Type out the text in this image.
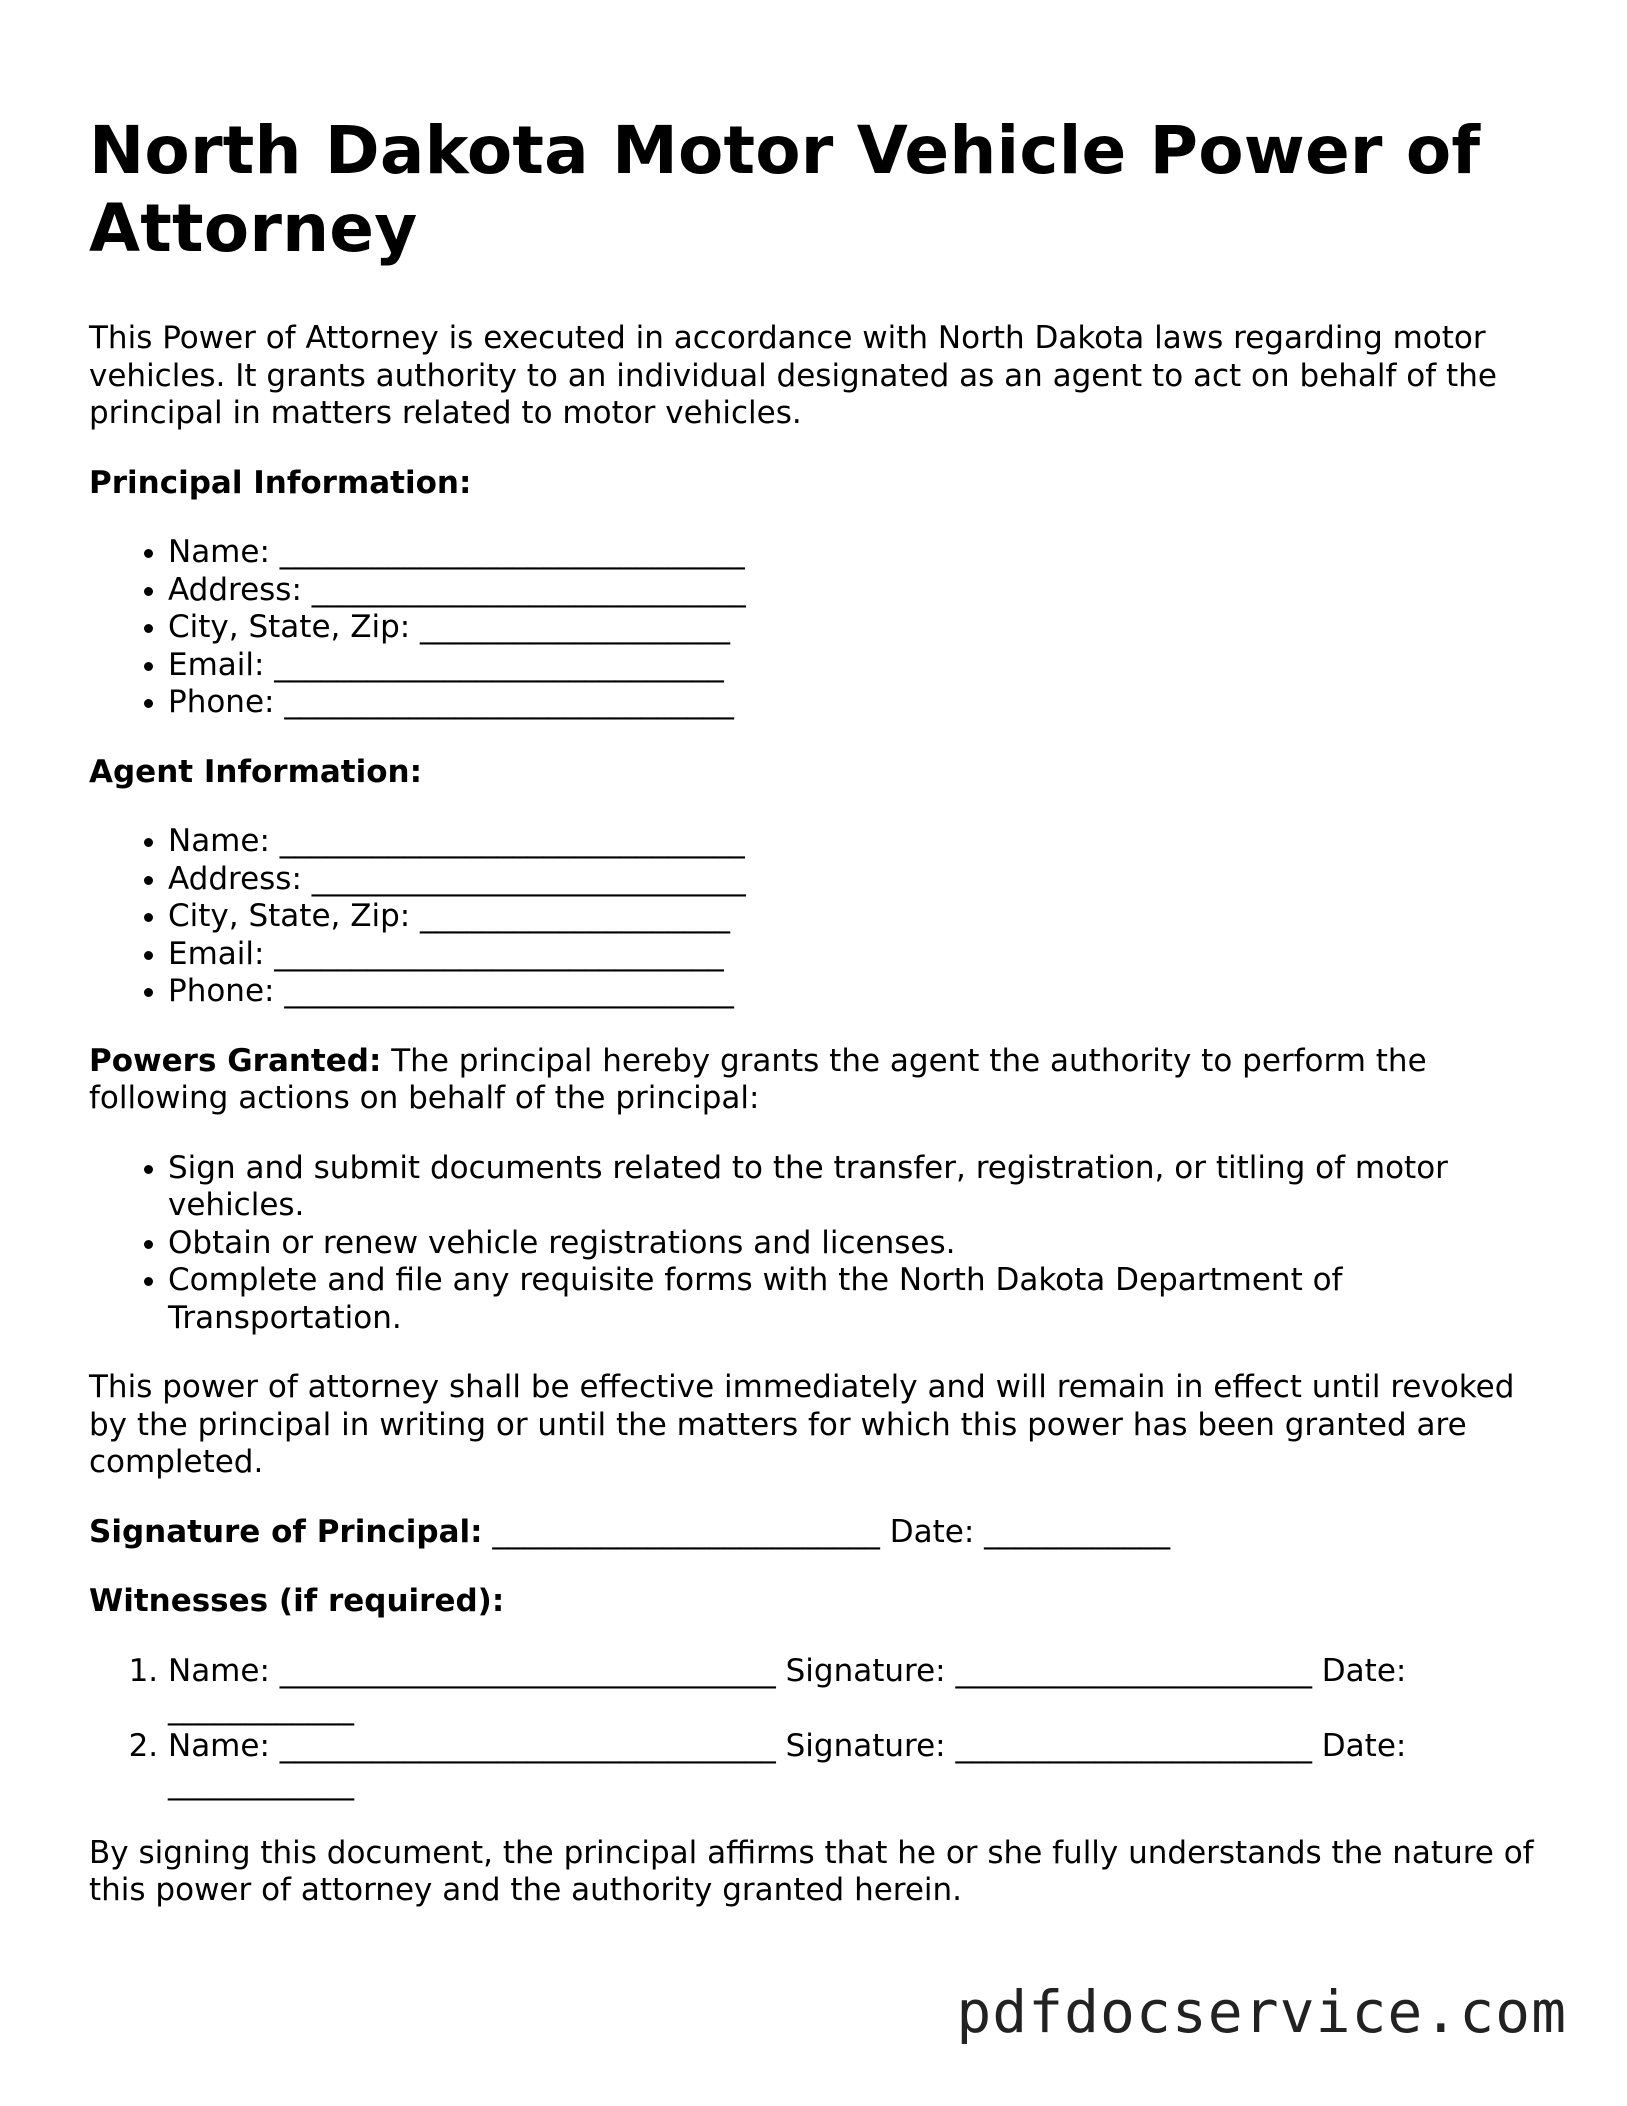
North Dakota Motor Vehicle Power of Attorney

This Power of Attorney is executed in accordance with North Dakota laws regarding motor vehicles. It grants authority to an individual designated as an agent to act on behalf of the principal in matters related to motor vehicles.

Principal Information:

• Name: ______________________________
• Address: ____________________________
• City, State, Zip: ____________________
• Email: _____________________________
• Phone: _____________________________

Agent Information:

• Name: ______________________________
• Address: ____________________________
• City, State, Zip: ____________________
• Email: _____________________________
• Phone: _____________________________

Powers Granted: The principal hereby grants the agent the authority to perform the following actions on behalf of the principal:

• Sign and submit documents related to the transfer, registration, or titling of motor vehicles.
• Obtain or renew vehicle registrations and licenses.
• Complete and file any requisite forms with the North Dakota Department of Transportation.

This power of attorney shall be effective immediately and will remain in effect until revoked by the principal in writing or until the matters for which this power has been granted are completed.

Signature of Principal: _________________________ Date: ____________

Witnesses (if required):

1. Name: ________________________________ Signature: _______________________ Date: ____________
2. Name: ________________________________ Signature: _______________________ Date: ____________

By signing this document, the principal affirms that he or she fully understands the nature of this power of attorney and the authority granted herein.

pdfdocservice.com
